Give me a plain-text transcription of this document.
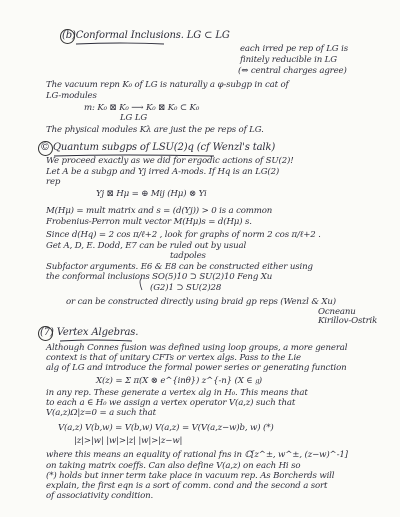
(b)Conformal Inclusions. LG ⊂ LG
each irred pe rep of LG is
finitely reducible in LG
(⇔ central charges agree)
The vacuum repn K₀ of LG is naturally a φ-subgp in cat of
LG-modules
m: K₀ ⊠ K₀ ⟶ K₀ ⊠ K₀ ⊂ K₀
LG LG
The physical modules Kλ are just the pe reps of LG.
© Quantum subgps of LSU(2)q (cf Wenzl's talk)
We proceed exactly as we did for ergodic actions of SU(2)!
Let A be a subgp and Yj irred A-mods. If Hq is an LG(2)
rep
Yj ⊠ Hμ = ⊕ Mij (Hμ) ⊗ Yi
M(Hμ) = mult matrix and s = (d(Yj)) > 0 is a common
Frobenius-Perron mult vector M(Hμ)s = d(Hμ) s.
Since d(Hq) = 2 cos π/ℓ+2 , look for graphs of norm 2 cos π/ℓ+2 .
Get A, D, E. Dodd, E7 can be ruled out by usual
tadpoles
Subfactor arguments. E6 & E8 can be constructed either using
the conformal inclusions SO(5)10 ⊃ SU(2)10 Feng Xu
(G2)1 ⊃ SU(2)28
or can be constructed directly using braid gp reps (Wenzl & Xu)
Ocneanu
Kirillov-Ostrik
(7) Vertex Algebras.
Although Connes fusion was defined using loop groups, a more general
context is that of unitary CFTs or vertex algs. Pass to the Lie
alg of LG and introduce the formal power series or generating function
X(z) = Σ π(X ⊗ e^{inθ}) z^{-n} (X ∈ 𝔤)
in any rep. These generate a vertex alg in H₀. This means that
to each a ∈ H₀ we assign a vertex operator V(a,z) such that
V(a,z)Ω|z=0 = a such that
V(a,z) V(b,w) = V(b,w) V(a,z) = V(V(a,z−w)b, w) (*)
|z|>|w| |w|>|z| |w|>|z−w|
where this means an equality of rational fns in ℂ[z^±, w^±, (z−w)^-1]
on taking matrix coeffs. Can also define V(a,z) on each Hi so
(*) holds but inner term take place in vacuum rep. As Borcherds will
explain, the first eqn is a sort of comm. cond and the second a sort
of associativity condition.
